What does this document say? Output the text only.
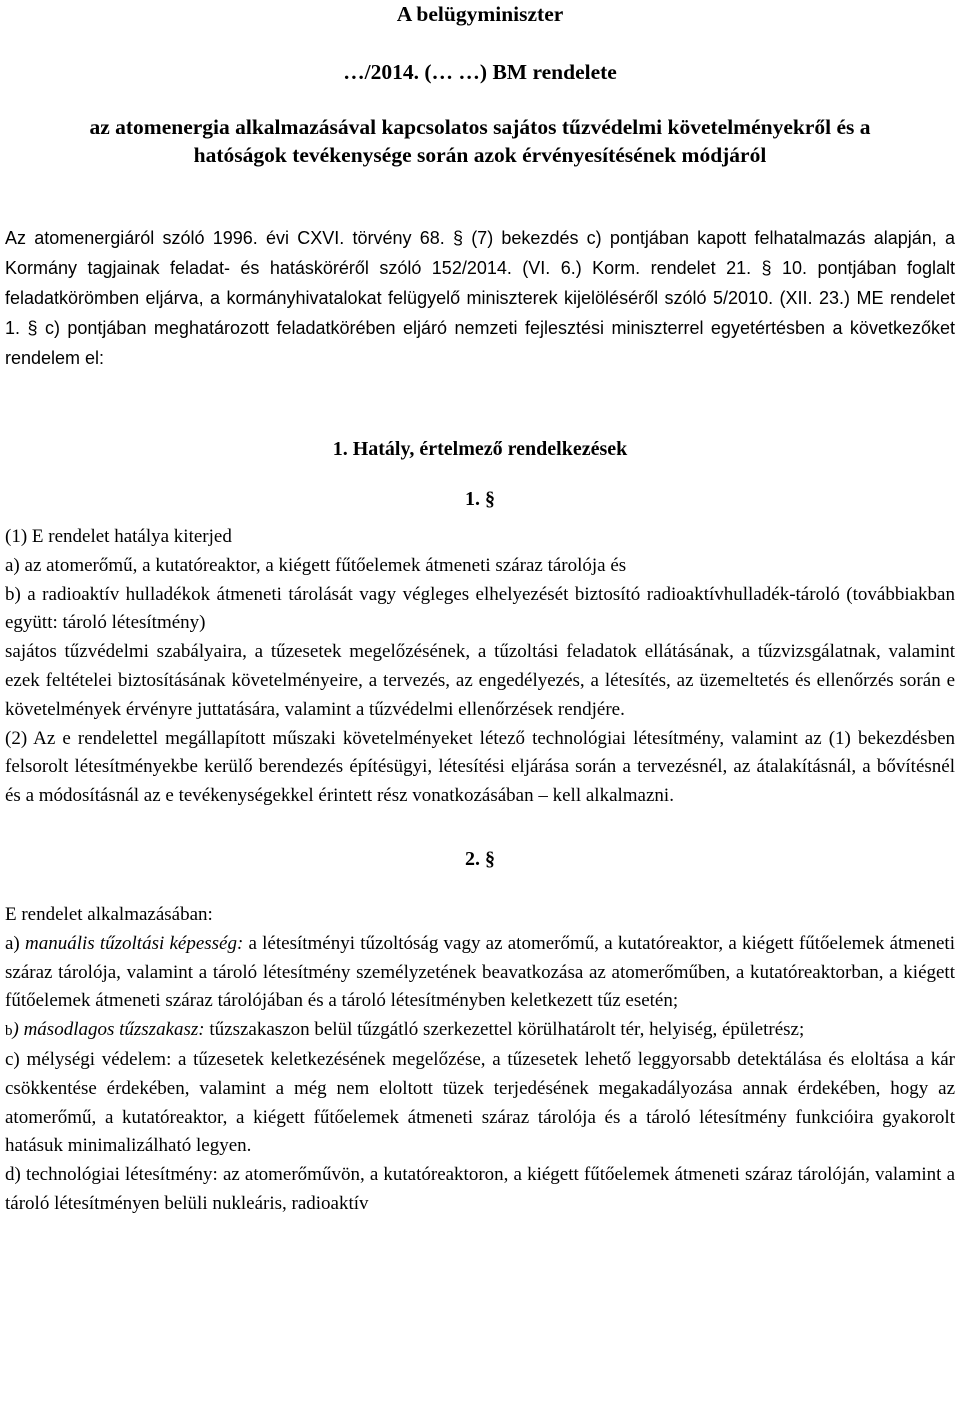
A belügyminiszter

…/2014. (… …) BM rendelete

az atomenergia alkalmazásával kapcsolatos sajátos tűzvédelmi követelményekről és a

hatóságok tevékenysége során azok érvényesítésének módjáról

Az atomenergiáról szóló 1996. évi CXVI. törvény 68. § (7) bekezdés c) pontjában kapott felhatalmazás alapján, a Kormány tagjainak feladat- és hatásköréről szóló 152/2014. (VI. 6.) Korm. rendelet 21. § 10. pontjában foglalt feladatkörömben eljárva, a kormányhivatalokat felügyelő miniszterek kijelöléséről szóló 5/2010. (XII. 23.) ME rendelet 1. § c) pontjában meghatározott feladatkörében eljáró nemzeti fejlesztési miniszterrel egyetértésben a következőket rendelem el:

1. Hatály, értelmező rendelkezések

1. §

(1) E rendelet hatálya kiterjed

a) az atomerőmű, a kutatóreaktor, a kiégett fűtőelemek átmeneti száraz tárolója és

b) a radioaktív hulladékok átmeneti tárolását vagy végleges elhelyezését biztosító radioaktívhulladék-tároló (továbbiakban együtt: tároló létesítmény)

sajátos tűzvédelmi szabályaira, a tűzesetek megelőzésének, a tűzoltási feladatok ellátásának, a tűzvizsgálatnak, valamint ezek feltételei biztosításának követelményeire, a tervezés, az engedélyezés, a létesítés, az üzemeltetés és ellenőrzés során e követelmények érvényre juttatására, valamint a tűzvédelmi ellenőrzések rendjére.

(2) Az e rendelettel megállapított műszaki követelményeket létező technológiai létesítmény, valamint az (1) bekezdésben felsorolt létesítményekbe kerülő berendezés építésügyi, létesítési eljárása során a tervezésnél, az átalakításnál, a bővítésnél és a módosításnál az e tevékenységekkel érintett rész vonatkozásában – kell alkalmazni.

2. §

E rendelet alkalmazásában:

a) manuális tűzoltási képesség: a létesítményi tűzoltóság vagy az atomerőmű, a kutatóreaktor, a kiégett fűtőelemek átmeneti száraz tárolója, valamint a tároló létesítmény személyzetének beavatkozása az atomerőműben, a kutatóreaktorban, a kiégett fűtőelemek átmeneti száraz tárolójában és a tároló létesítményben keletkezett tűz esetén;

b) másodlagos tűzszakasz: tűzszakaszon belül tűzgátló szerkezettel körülhatárolt tér, helyiség, épületrész;

c) mélységi védelem: a tűzesetek keletkezésének megelőzése, a tűzesetek lehető leggyorsabb detektálása és eloltása a kár csökkentése érdekében, valamint a még nem eloltott tüzek terjedésének megakadályozása annak érdekében, hogy az atomerőmű, a kutatóreaktor, a kiégett fűtőelemek átmeneti száraz tárolója és a tároló létesítmény funkcióira gyakorolt hatásuk minimalizálható legyen.

d) technológiai létesítmény: az atomerőművön, a kutatóreaktoron, a kiégett fűtőelemek átmeneti száraz tárolóján, valamint a tároló létesítményen belüli nukleáris, radioaktív
